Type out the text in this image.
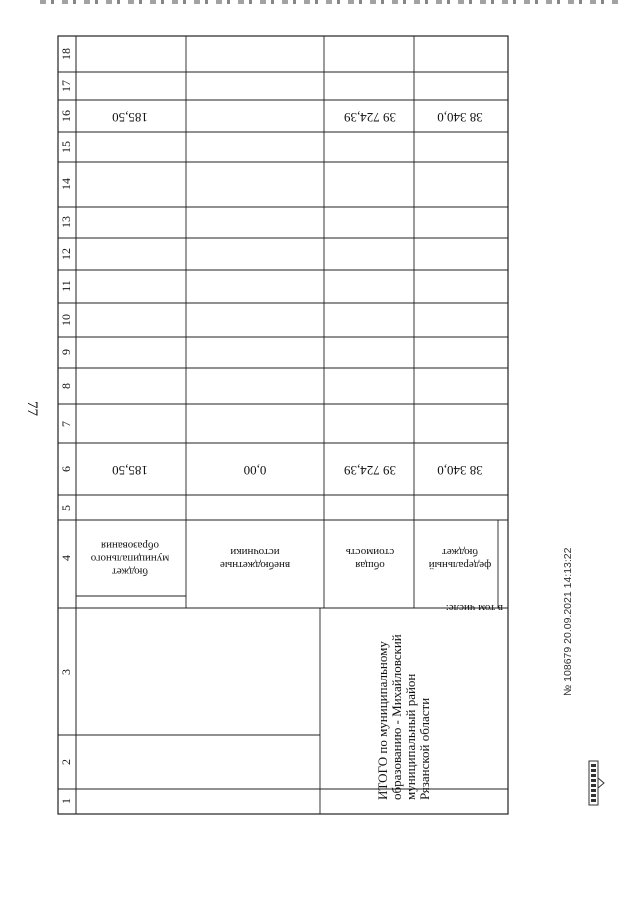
77
1
2
3
4
5
6
7
8
9
10
11
12
13
14
15
16
17
18
185,50
185,50
0,00	39 724,39
39 724,39
38 340,0
38 340,0
бюджет
муниципального
образования
внебюджетные
источники
общая
стоимость
федеральный
бюджет
ИТОГО по муниципальномуобразованию - Михайловскиймуниципальный районРязанской области
в том числе:	№ 108679 20.09.2021 14:13:22
